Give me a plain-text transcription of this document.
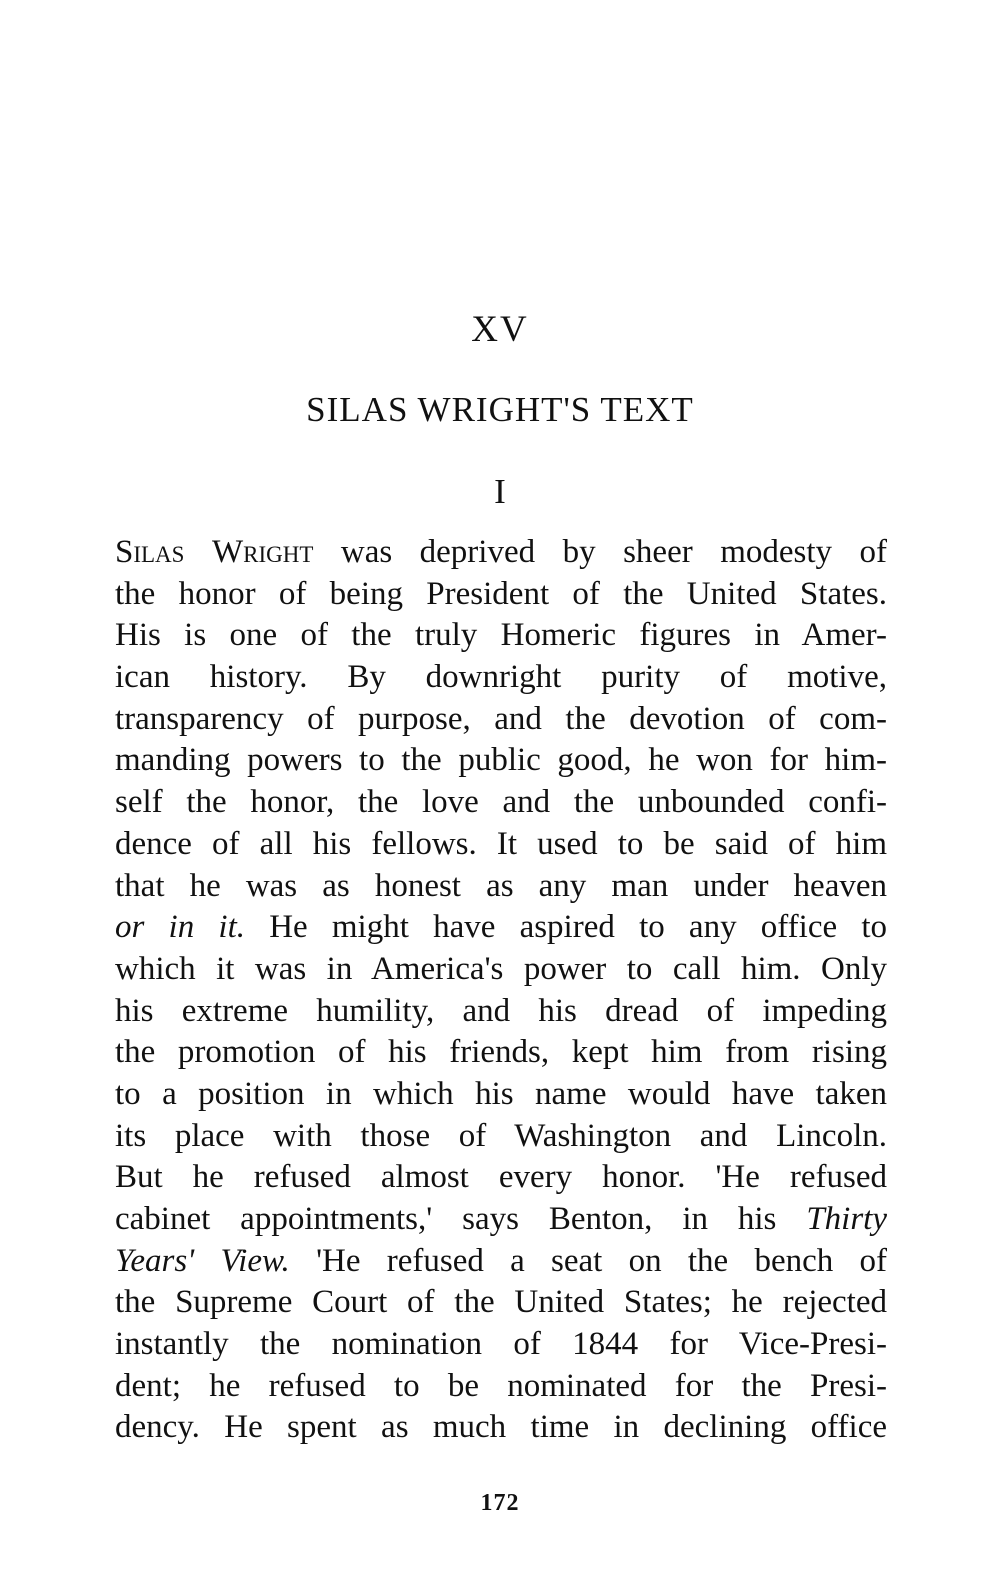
XV
SILAS WRIGHT'S TEXT
I
Silas Wright was deprived by sheer modesty of
the honor of being President of the United States.
His is one of the truly Homeric figures in Amer-
ican history. By downright purity of motive,
transparency of purpose, and the devotion of com-
manding powers to the public good, he won for him-
self the honor, the love and the unbounded confi-
dence of all his fellows. It used to be said of him
that he was as honest as any man under heaven
or in it. He might have aspired to any office to
which it was in America's power to call him. Only
his extreme humility, and his dread of impeding
the promotion of his friends, kept him from rising
to a position in which his name would have taken
its place with those of Washington and Lincoln.
But he refused almost every honor. 'He refused
cabinet appointments,' says Benton, in his Thirty
Years' View. 'He refused a seat on the bench of
the Supreme Court of the United States; he rejected
instantly the nomination of 1844 for Vice-Presi-
dent; he refused to be nominated for the Presi-
dency. He spent as much time in declining office
172
